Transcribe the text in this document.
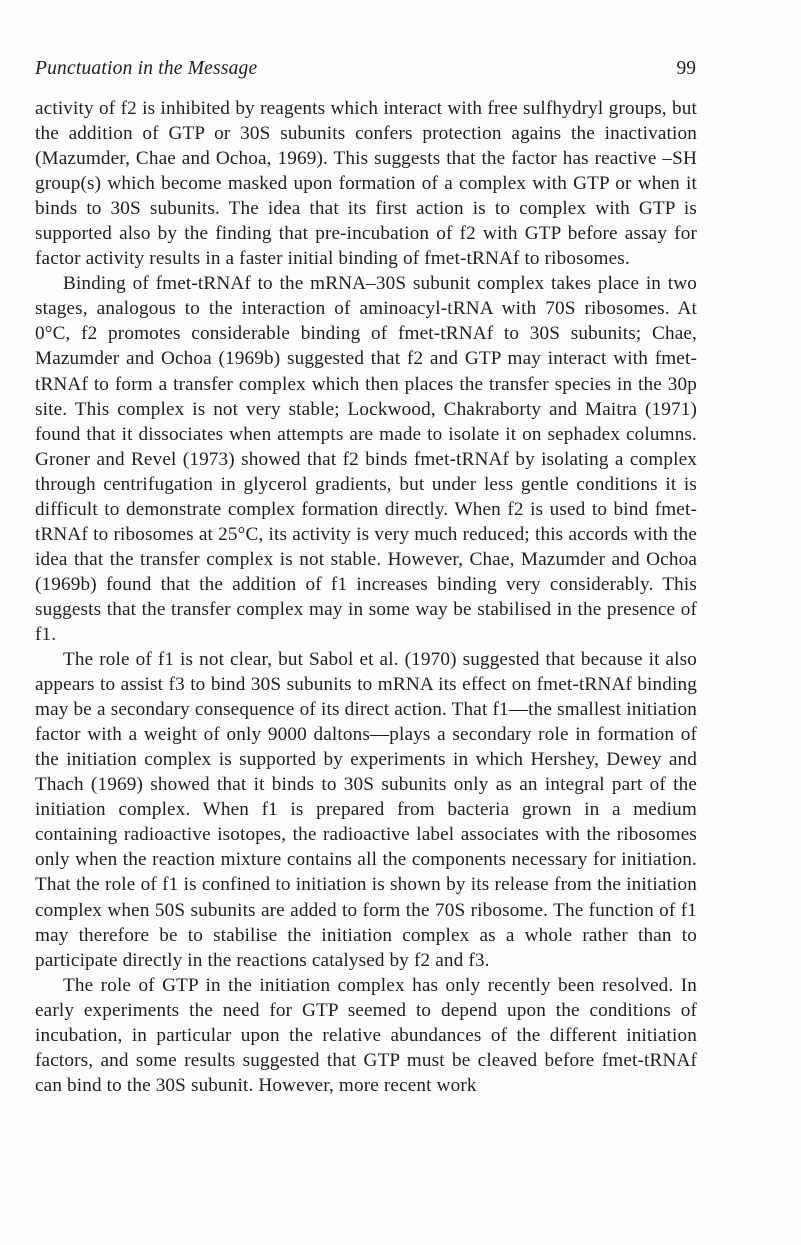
Punctuation in the Message	99

activity of f2 is inhibited by reagents which interact with free sulfhydryl groups, but the addition of GTP or 30S subunits confers protection agains the inactivation (Mazumder, Chae and Ochoa, 1969). This suggests that the factor has reactive –SH group(s) which become masked upon formation of a complex with GTP or when it binds to 30S subunits. The idea that its first action is to complex with GTP is supported also by the finding that pre-incubation of f2 with GTP before assay for factor activity results in a faster initial binding of fmet-tRNAf to ribosomes.

Binding of fmet-tRNAf to the mRNA–30S subunit complex takes place in two stages, analogous to the interaction of aminoacyl-tRNA with 70S ribosomes. At 0°C, f2 promotes considerable binding of fmet-tRNAf to 30S subunits; Chae, Mazumder and Ochoa (1969b) suggested that f2 and GTP may interact with fmet-tRNAf to form a transfer complex which then places the transfer species in the 30p site. This complex is not very stable; Lockwood, Chakraborty and Maitra (1971) found that it dissociates when attempts are made to isolate it on sephadex columns. Groner and Revel (1973) showed that f2 binds fmet-tRNAf by isolating a complex through centrifugation in glycerol gradients, but under less gentle conditions it is difficult to demonstrate complex formation directly. When f2 is used to bind fmet-tRNAf to ribosomes at 25°C, its activity is very much reduced; this accords with the idea that the transfer complex is not stable. However, Chae, Mazumder and Ochoa (1969b) found that the addition of f1 increases binding very considerably. This suggests that the transfer complex may in some way be stabilised in the presence of f1.

The role of f1 is not clear, but Sabol et al. (1970) suggested that because it also appears to assist f3 to bind 30S subunits to mRNA its effect on fmet-tRNAf binding may be a secondary consequence of its direct action. That f1—the smallest initiation factor with a weight of only 9000 daltons—plays a secondary role in formation of the initiation complex is supported by experiments in which Hershey, Dewey and Thach (1969) showed that it binds to 30S subunits only as an integral part of the initiation complex. When f1 is prepared from bacteria grown in a medium containing radioactive isotopes, the radioactive label associates with the ribosomes only when the reaction mixture contains all the components necessary for initiation. That the role of f1 is confined to initiation is shown by its release from the initiation complex when 50S subunits are added to form the 70S ribosome. The function of f1 may therefore be to stabilise the initiation complex as a whole rather than to participate directly in the reactions catalysed by f2 and f3.

The role of GTP in the initiation complex has only recently been resolved. In early experiments the need for GTP seemed to depend upon the conditions of incubation, in particular upon the relative abundances of the different initiation factors, and some results suggested that GTP must be cleaved before fmet-tRNAf can bind to the 30S subunit. However, more recent work
